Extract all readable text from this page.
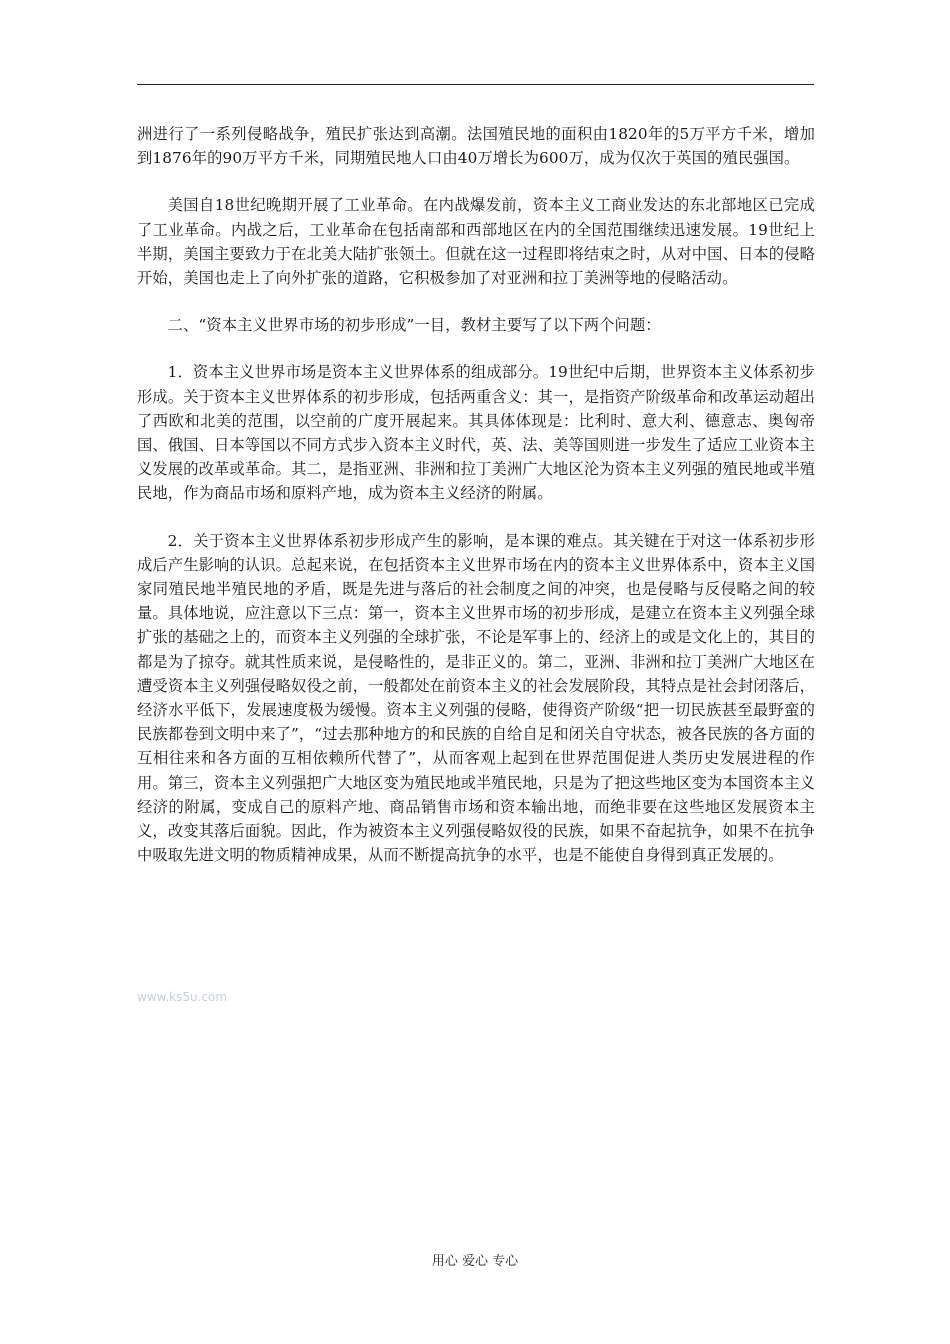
洲进行了一系列侵略战争，殖民扩张达到高潮。法国殖民地的面积由1820年的5万平方千米，增加到1876年的90万平方千米，同期殖民地人口由40万增长为600万，成为仅次于英国的殖民强国。

美国自18世纪晚期开展了工业革命。在内战爆发前，资本主义工商业发达的东北部地区已完成了工业革命。内战之后，工业革命在包括南部和西部地区在内的全国范围继续迅速发展。19世纪上半期，美国主要致力于在北美大陆扩张领土。但就在这一过程即将结束之时，从对中国、日本的侵略开始，美国也走上了向外扩张的道路，它积极参加了对亚洲和拉丁美洲等地的侵略活动。

二、“资本主义世界市场的初步形成”一目，教材主要写了以下两个问题：

1．资本主义世界市场是资本主义世界体系的组成部分。19世纪中后期，世界资本主义体系初步形成。关于资本主义世界体系的初步形成，包括两重含义：其一，是指资产阶级革命和改革运动超出了西欧和北美的范围，以空前的广度开展起来。其具体体现是：比利时、意大利、德意志、奥匈帝国、俄国、日本等国以不同方式步入资本主义时代，英、法、美等国则进一步发生了适应工业资本主义发展的改革或革命。其二，是指亚洲、非洲和拉丁美洲广大地区沦为资本主义列强的殖民地或半殖民地，作为商品市场和原料产地，成为资本主义经济的附属。

2．关于资本主义世界体系初步形成产生的影响，是本课的难点。其关键在于对这一体系初步形成后产生影响的认识。总起来说，在包括资本主义世界市场在内的资本主义世界体系中，资本主义国家同殖民地半殖民地的矛盾，既是先进与落后的社会制度之间的冲突，也是侵略与反侵略之间的较量。具体地说，应注意以下三点：第一，资本主义世界市场的初步形成，是建立在资本主义列强全球扩张的基础之上的，而资本主义列强的全球扩张，不论是军事上的、经济上的或是文化上的，其目的都是为了掠夺。就其性质来说，是侵略性的，是非正义的。第二，亚洲、非洲和拉丁美洲广大地区在遭受资本主义列强侵略奴役之前，一般都处在前资本主义的社会发展阶段，其特点是社会封闭落后，经济水平低下，发展速度极为缓慢。资本主义列强的侵略，使得资产阶级“把一切民族甚至最野蛮的民族都卷到文明中来了”，“过去那种地方的和民族的自给自足和闭关自守状态，被各民族的各方面的互相往来和各方面的互相依赖所代替了”，从而客观上起到在世界范围促进人类历史发展进程的作用。第三，资本主义列强把广大地区变为殖民地或半殖民地，只是为了把这些地区变为本国资本主义经济的附属，变成自己的原料产地、商品销售市场和资本输出地，而绝非要在这些地区发展资本主义，改变其落后面貌。因此，作为被资本主义列强侵略奴役的民族，如果不奋起抗争，如果不在抗争中吸取先进文明的物质精神成果，从而不断提高抗争的水平，也是不能使自身得到真正发展的。

www.ks5u.com
用心 爱心 专心
